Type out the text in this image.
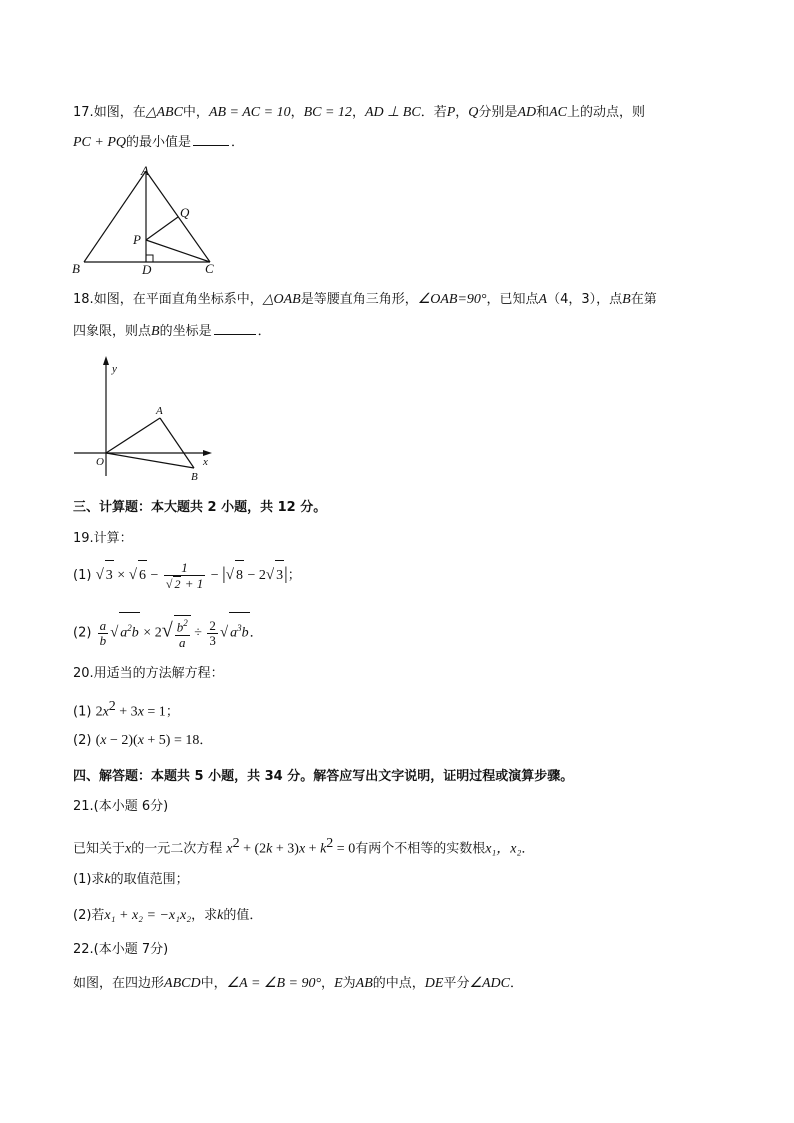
17.如图，在△ABC中，AB = AC = 10，BC = 12，AD ⊥ BC．若P，Q分别是AD和AC上的动点，则
PC + PQ的最小值是	．
A
B	C
D
P
Q
18.如图，在平面直角坐标系中，△OAB是等腰直角三角形，∠OAB=90°，已知点A（4，3），点B在第
四象限，则点B的坐标是	．
y
x
O
A
B
三、计算题：本大题共 2 小题，共 12 分。
19.计算：
(1) √ 3 × √ $6 - \frac{1}{√ 2 + 1}$ − |√ 8 − 2√ 3|；
$(2) \frac{a}{b}$ √ $a^2b \times 2√ \frac{b^2}{a} \div \frac{2}{3}$ √ $a^3b$．
20.用适当的方法解方程：
(1) $2x^2 + 3x = 1$；
(2) (x − 2)(x + 5) = 18．
四、解答题：本题共 5 小题，共 34 分。解答应写出文字说明，证明过程或演算步骤。
21.(本小题 6分)
已知关于x的一元二次方程 $x^2 + (2k + 3)x + k^2 = 0$有两个不相等的实数根x₁，x₂．
(1)求k的取值范围；
(2)若x₁ + x₂ = −x₁x₂，求k的值．
22.(本小题 7分)
如图，在四边形ABCD中，∠A = ∠B = 90°，E为AB的中点，DE平分∠ADC．
